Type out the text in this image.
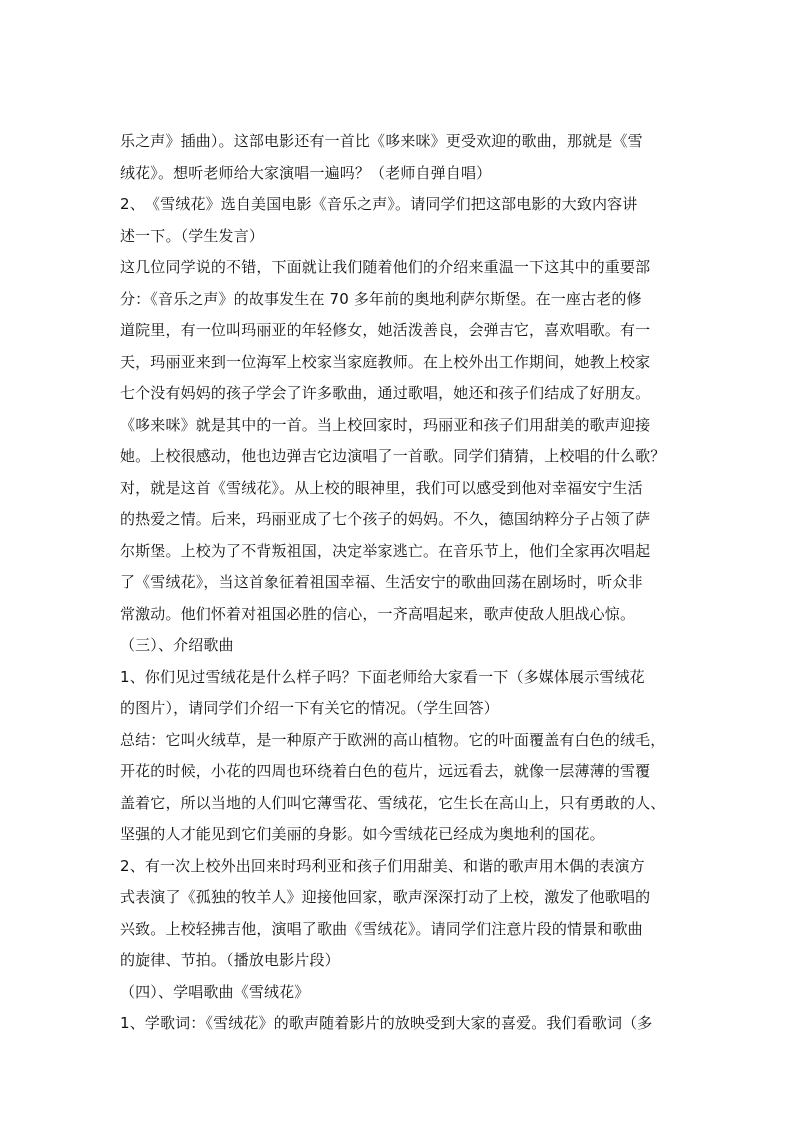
乐之声》插曲）。这部电影还有一首比《哆来咪》更受欢迎的歌曲，那就是《雪
绒花》。想听老师给大家演唱一遍吗？（老师自弹自唱）
2、　《雪绒花》选自美国电影《音乐之声》。请同学们把这部电影的大致内容讲
述一下。（学生发言）
这几位同学说的不错，下面就让我们随着他们的介绍来重温一下这其中的重要部
分：《音乐之声》的故事发生在 70 多年前的奥地利萨尔斯堡。在一座古老的修
道院里，有一位叫玛丽亚的年轻修女，她活泼善良，会弹吉它，喜欢唱歌。有一
天，玛丽亚来到一位海军上校家当家庭教师。在上校外出工作期间，她教上校家
七个没有妈妈的孩子学会了许多歌曲，通过歌唱，她还和孩子们结成了好朋友。
《哆来咪》就是其中的一首。当上校回家时，玛丽亚和孩子们用甜美的歌声迎接
她。上校很感动，他也边弹吉它边演唱了一首歌。同学们猜猜，上校唱的什么歌？
对，就是这首《雪绒花》。从上校的眼神里，我们可以感受到他对幸福安宁生活
的热爱之情。后来，玛丽亚成了七个孩子的妈妈。不久，德国纳粹分子占领了萨
尔斯堡。上校为了不背叛祖国，决定举家逃亡。在音乐节上，他们全家再次唱起
了《雪绒花》，当这首象征着祖国幸福、生活安宁的歌曲回荡在剧场时，听众非
常激动。他们怀着对祖国必胜的信心，一齐高唱起来，歌声使敌人胆战心惊。
（三）、介绍歌曲
1、你们见过雪绒花是什么样子吗？下面老师给大家看一下（多媒体展示雪绒花
的图片），请同学们介绍一下有关它的情况。（学生回答）
总结：它叫火绒草，是一种原产于欧洲的高山植物。它的叶面覆盖有白色的绒毛，
开花的时候，小花的四周也环绕着白色的苞片，远远看去，就像一层薄薄的雪覆
盖着它，所以当地的人们叫它薄雪花、雪绒花，它生长在高山上，只有勇敢的人、
坚强的人才能见到它们美丽的身影。如今雪绒花已经成为奥地利的国花。
2、有一次上校外出回来时玛利亚和孩子们用甜美、和谐的歌声用木偶的表演方
式表演了《孤独的牧羊人》迎接他回家，歌声深深打动了上校，激发了他歌唱的
兴致。上校轻拂吉他，演唱了歌曲《雪绒花》。请同学们注意片段的情景和歌曲
的旋律、节拍。（播放电影片段）
（四）、学唱歌曲《雪绒花》
1、学歌词：《雪绒花》的歌声随着影片的放映受到大家的喜爱。我们看歌词（多
